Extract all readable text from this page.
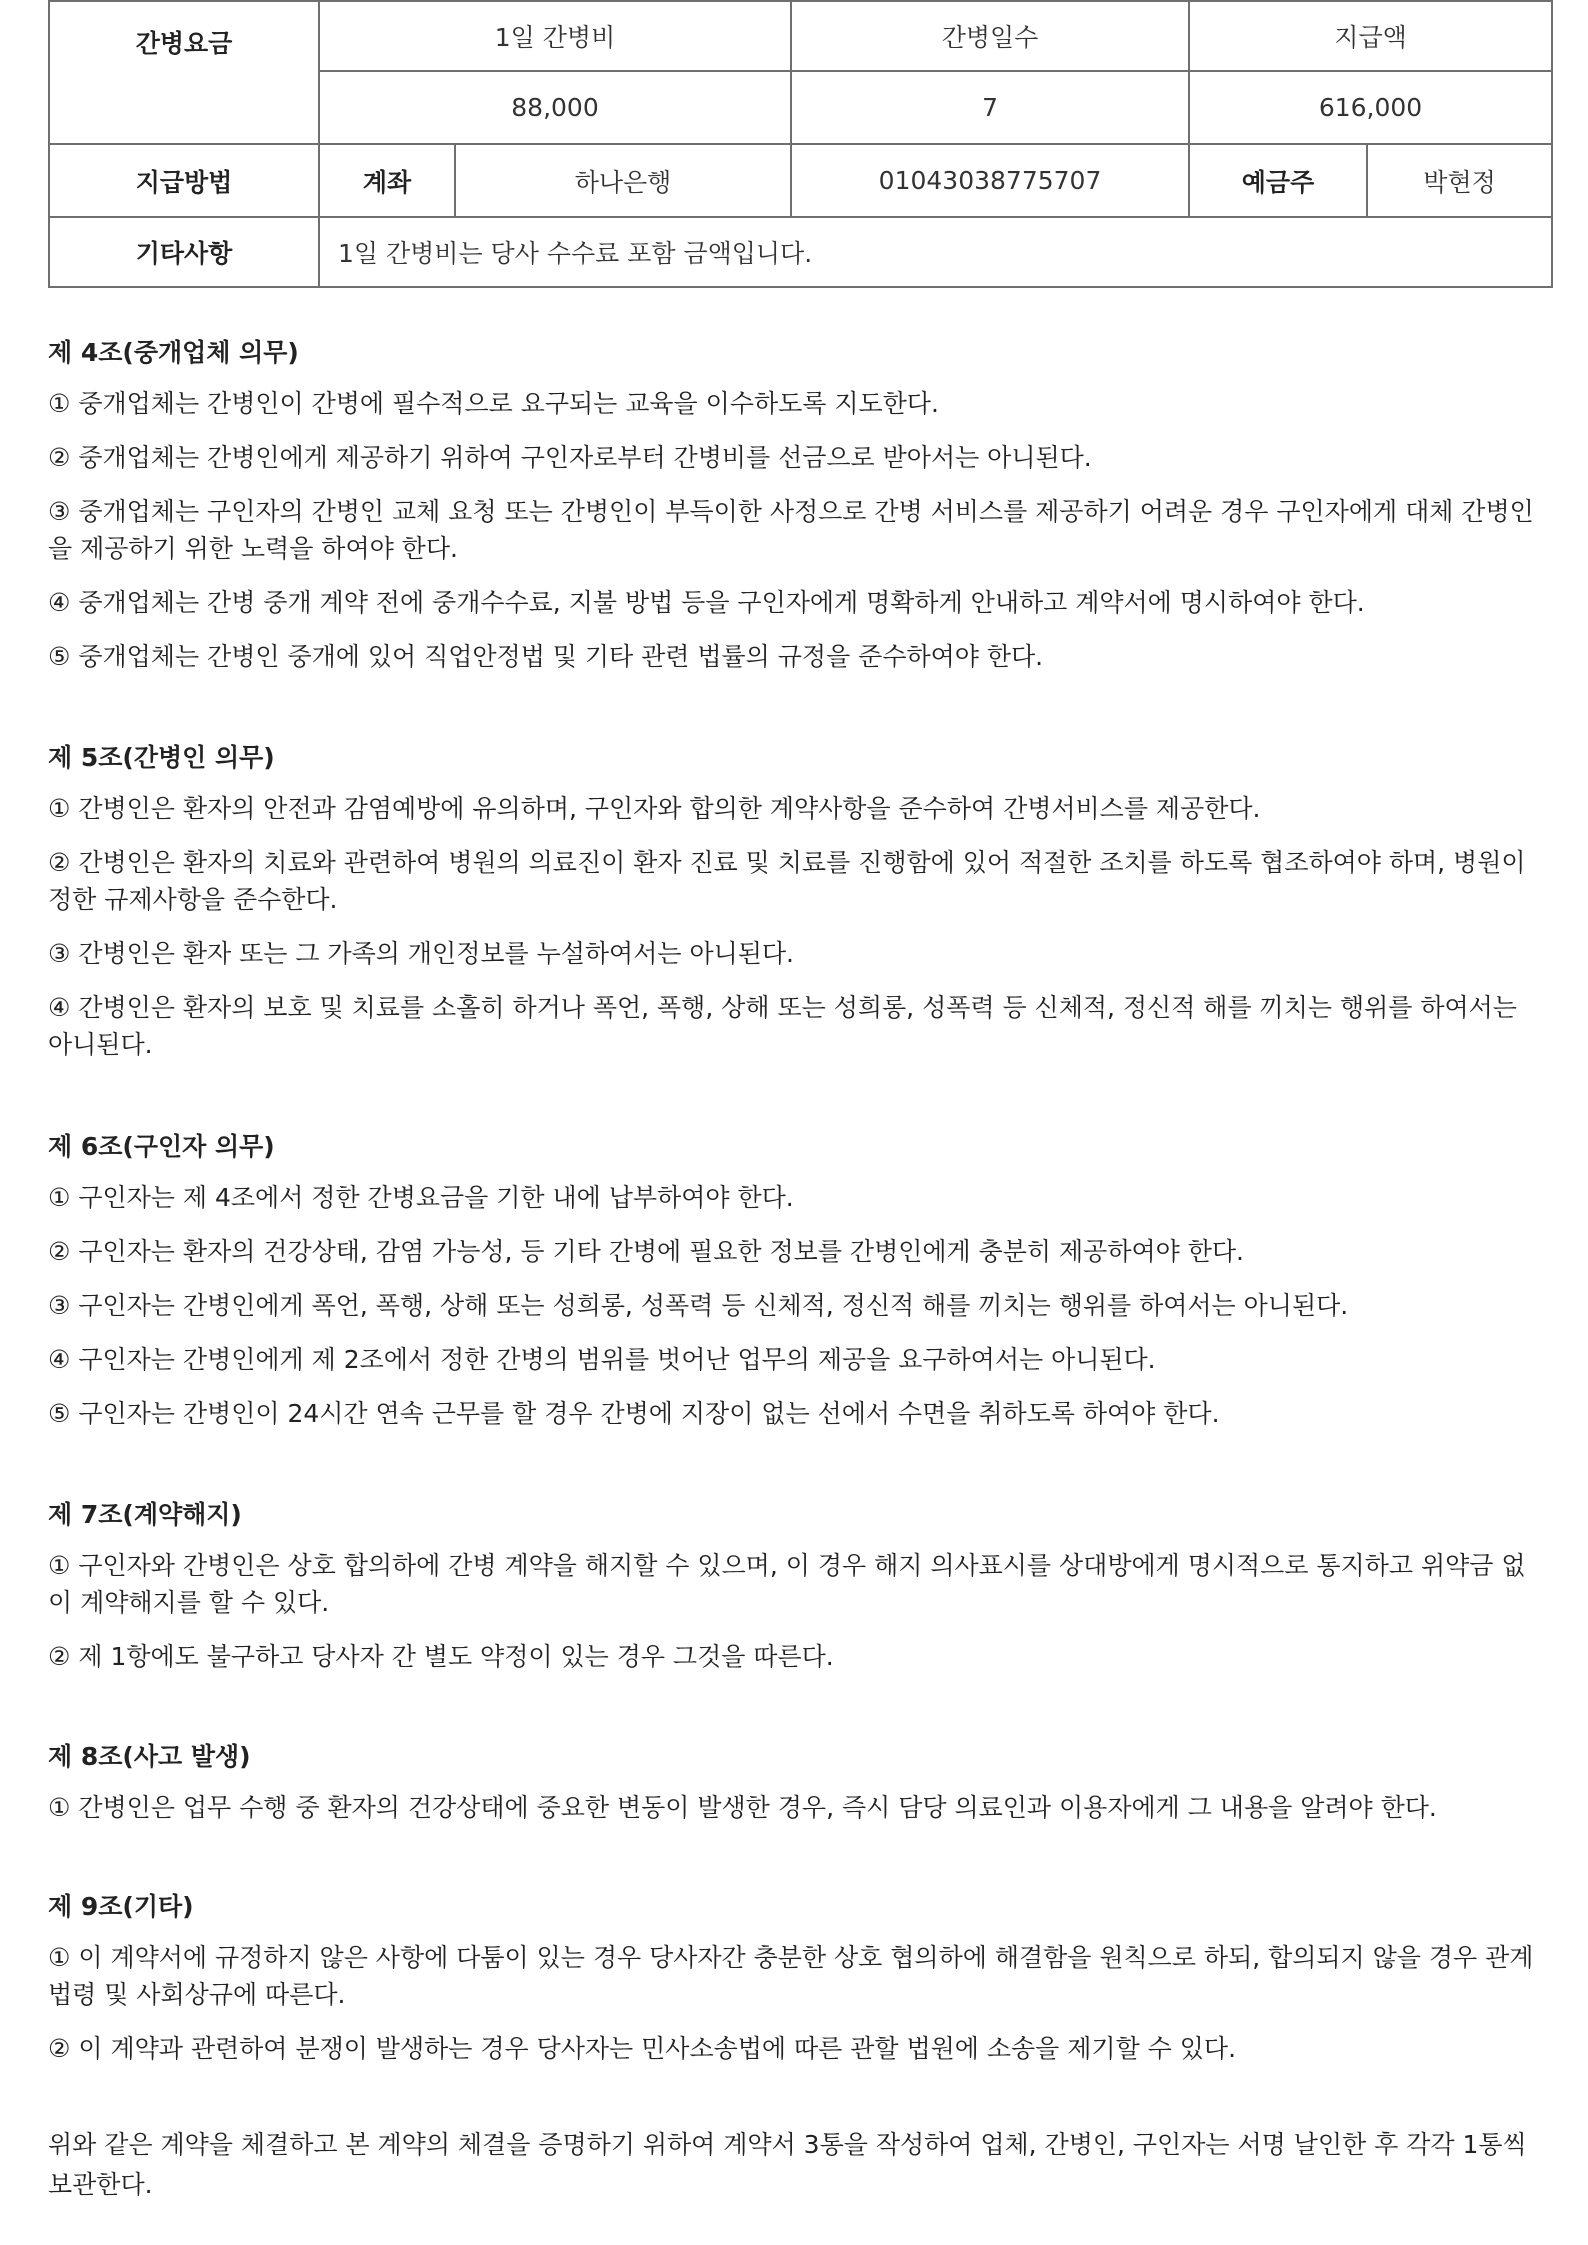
간병요금	1일 간병비		간병일수	지급액	
	88,000		7	616,000	
지급방법	계좌	하나은행	01043038775707	예금주	박현정
기타사항	1일 간병비는 당사 수수료 포함 금액입니다.				

제 4조(중개업체 의무)

① 중개업체는 간병인이 간병에 필수적으로 요구되는 교육을 이수하도록 지도한다.

② 중개업체는 간병인에게 제공하기 위하여 구인자로부터 간병비를 선금으로 받아서는 아니된다.

③ 중개업체는 구인자의 간병인 교체 요청 또는 간병인이 부득이한 사정으로 간병 서비스를 제공하기 어려운 경우 구인자에게 대체 간병인을 제공하기 위한 노력을 하여야 한다.

④ 중개업체는 간병 중개 계약 전에 중개수수료, 지불 방법 등을 구인자에게 명확하게 안내하고 계약서에 명시하여야 한다.

⑤ 중개업체는 간병인 중개에 있어 직업안정법 및 기타 관련 법률의 규정을 준수하여야 한다.

제 5조(간병인 의무)

① 간병인은 환자의 안전과 감염예방에 유의하며, 구인자와 합의한 계약사항을 준수하여 간병서비스를 제공한다.

② 간병인은 환자의 치료와 관련하여 병원의 의료진이 환자 진료 및 치료를 진행함에 있어 적절한 조치를 하도록 협조하여야 하며, 병원이 정한 규제사항을 준수한다.

③ 간병인은 환자 또는 그 가족의 개인정보를 누설하여서는 아니된다.

④ 간병인은 환자의 보호 및 치료를 소홀히 하거나 폭언, 폭행, 상해 또는 성희롱, 성폭력 등 신체적, 정신적 해를 끼치는 행위를 하여서는 아니된다.

제 6조(구인자 의무)

① 구인자는 제 4조에서 정한 간병요금을 기한 내에 납부하여야 한다.

② 구인자는 환자의 건강상태, 감염 가능성, 등 기타 간병에 필요한 정보를 간병인에게 충분히 제공하여야 한다.

③ 구인자는 간병인에게 폭언, 폭행, 상해 또는 성희롱, 성폭력 등 신체적, 정신적 해를 끼치는 행위를 하여서는 아니된다.

④ 구인자는 간병인에게 제 2조에서 정한 간병의 범위를 벗어난 업무의 제공을 요구하여서는 아니된다.

⑤ 구인자는 간병인이 24시간 연속 근무를 할 경우 간병에 지장이 없는 선에서 수면을 취하도록 하여야 한다.

제 7조(계약해지)

① 구인자와 간병인은 상호 합의하에 간병 계약을 해지할 수 있으며, 이 경우 해지 의사표시를 상대방에게 명시적으로 통지하고 위약금 없이 계약해지를 할 수 있다.

② 제 1항에도 불구하고 당사자 간 별도 약정이 있는 경우 그것을 따른다.

제 8조(사고 발생)

① 간병인은 업무 수행 중 환자의 건강상태에 중요한 변동이 발생한 경우, 즉시 담당 의료인과 이용자에게 그 내용을 알려야 한다.

제 9조(기타)

① 이 계약서에 규정하지 않은 사항에 다툼이 있는 경우 당사자간 충분한 상호 협의하에 해결함을 원칙으로 하되, 합의되지 않을 경우 관계 법령 및 사회상규에 따른다.

② 이 계약과 관련하여 분쟁이 발생하는 경우 당사자는 민사소송법에 따른 관할 법원에 소송을 제기할 수 있다.

위와 같은 계약을 체결하고 본 계약의 체결을 증명하기 위하여 계약서 3통을 작성하여 업체, 간병인, 구인자는 서명 날인한 후 각각 1통씩 보관한다.
